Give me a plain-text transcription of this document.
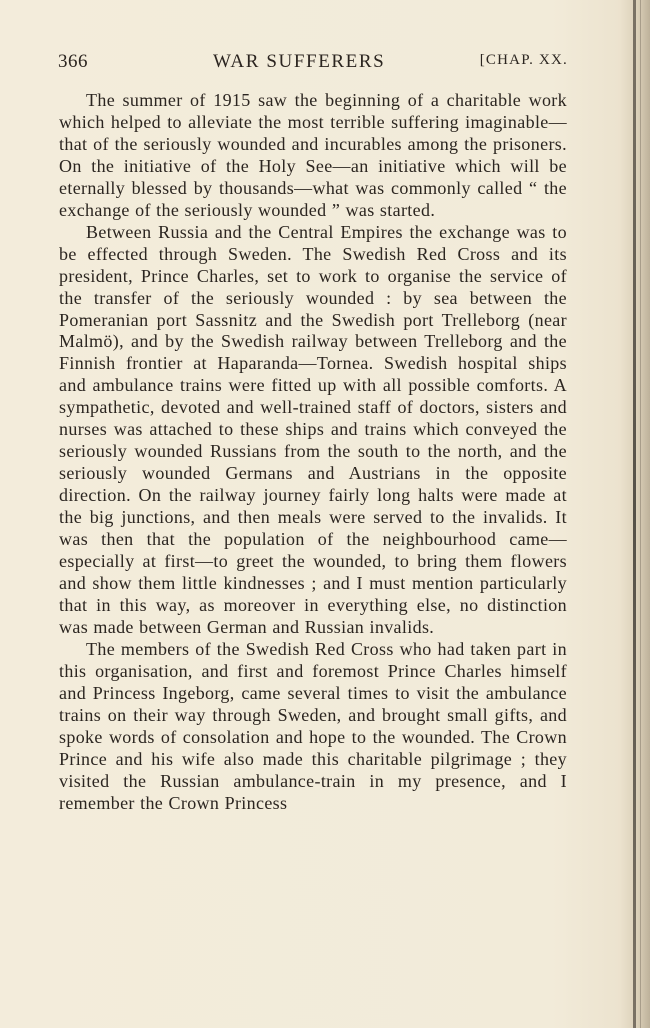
366	WAR SUFFERERS	[CHAP. XX.

The summer of 1915 saw the beginning of a charitable work which helped to alleviate the most terrible suffering imaginable—that of the seriously wounded and incurables among the prisoners. On the initiative of the Holy See—an initiative which will be eternally blessed by thousands—what was commonly called “ the exchange of the seriously wounded ” was started.

Between Russia and the Central Empires the exchange was to be effected through Sweden. The Swedish Red Cross and its president, Prince Charles, set to work to organise the service of the transfer of the seriously wounded : by sea between the Pomeranian port Sassnitz and the Swedish port Trelleborg (near Malmö), and by the Swedish railway between Trelleborg and the Finnish frontier at Haparanda—Tornea. Swedish hospital ships and ambulance trains were fitted up with all possible comforts. A sympathetic, devoted and well-trained staff of doctors, sisters and nurses was attached to these ships and trains which conveyed the seriously wounded Russians from the south to the north, and the seriously wounded Germans and Austrians in the opposite direction. On the railway journey fairly long halts were made at the big junctions, and then meals were served to the invalids. It was then that the population of the neighbourhood came—especially at first—to greet the wounded, to bring them flowers and show them little kindnesses ; and I must mention particularly that in this way, as moreover in everything else, no distinction was made between German and Russian invalids.

The members of the Swedish Red Cross who had taken part in this organisation, and first and foremost Prince Charles himself and Princess Ingeborg, came several times to visit the ambulance trains on their way through Sweden, and brought small gifts, and spoke words of consolation and hope to the wounded. The Crown Prince and his wife also made this charitable pilgrimage ; they visited the Russian ambulance-train in my presence, and I remember the Crown Princess
